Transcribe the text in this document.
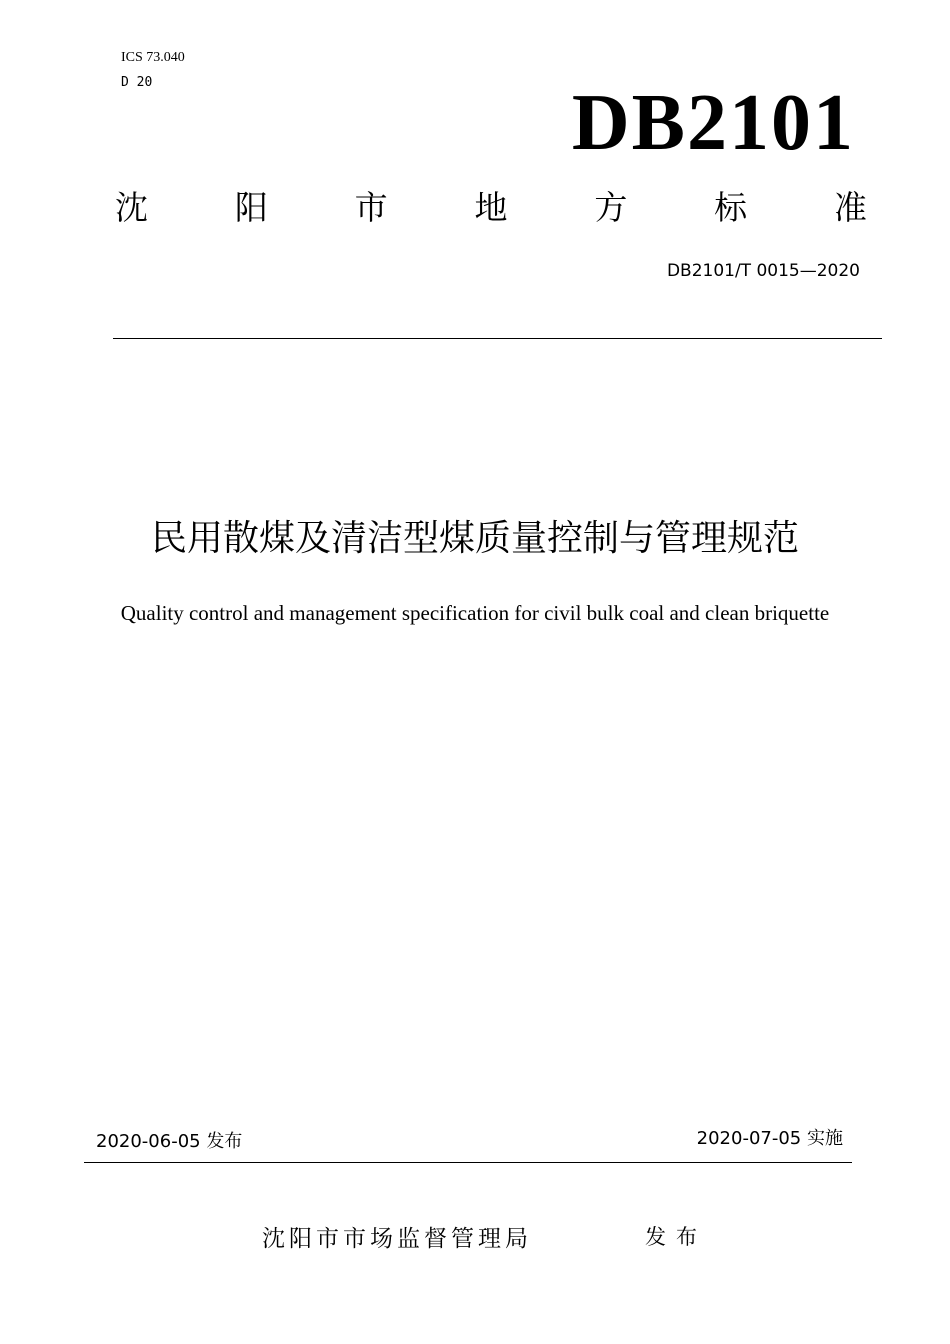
ICS 73.040
D 20	DB2101
沈	阳	市	地	方	标	准
DB2101/T 0015—2020
民用散煤及清洁型煤质量控制与管理规范
Quality control and management specification for civil bulk coal and clean briquette
2020-06-05 发布	2020-07-05 实施
沈阳市市场监督管理局	发布
